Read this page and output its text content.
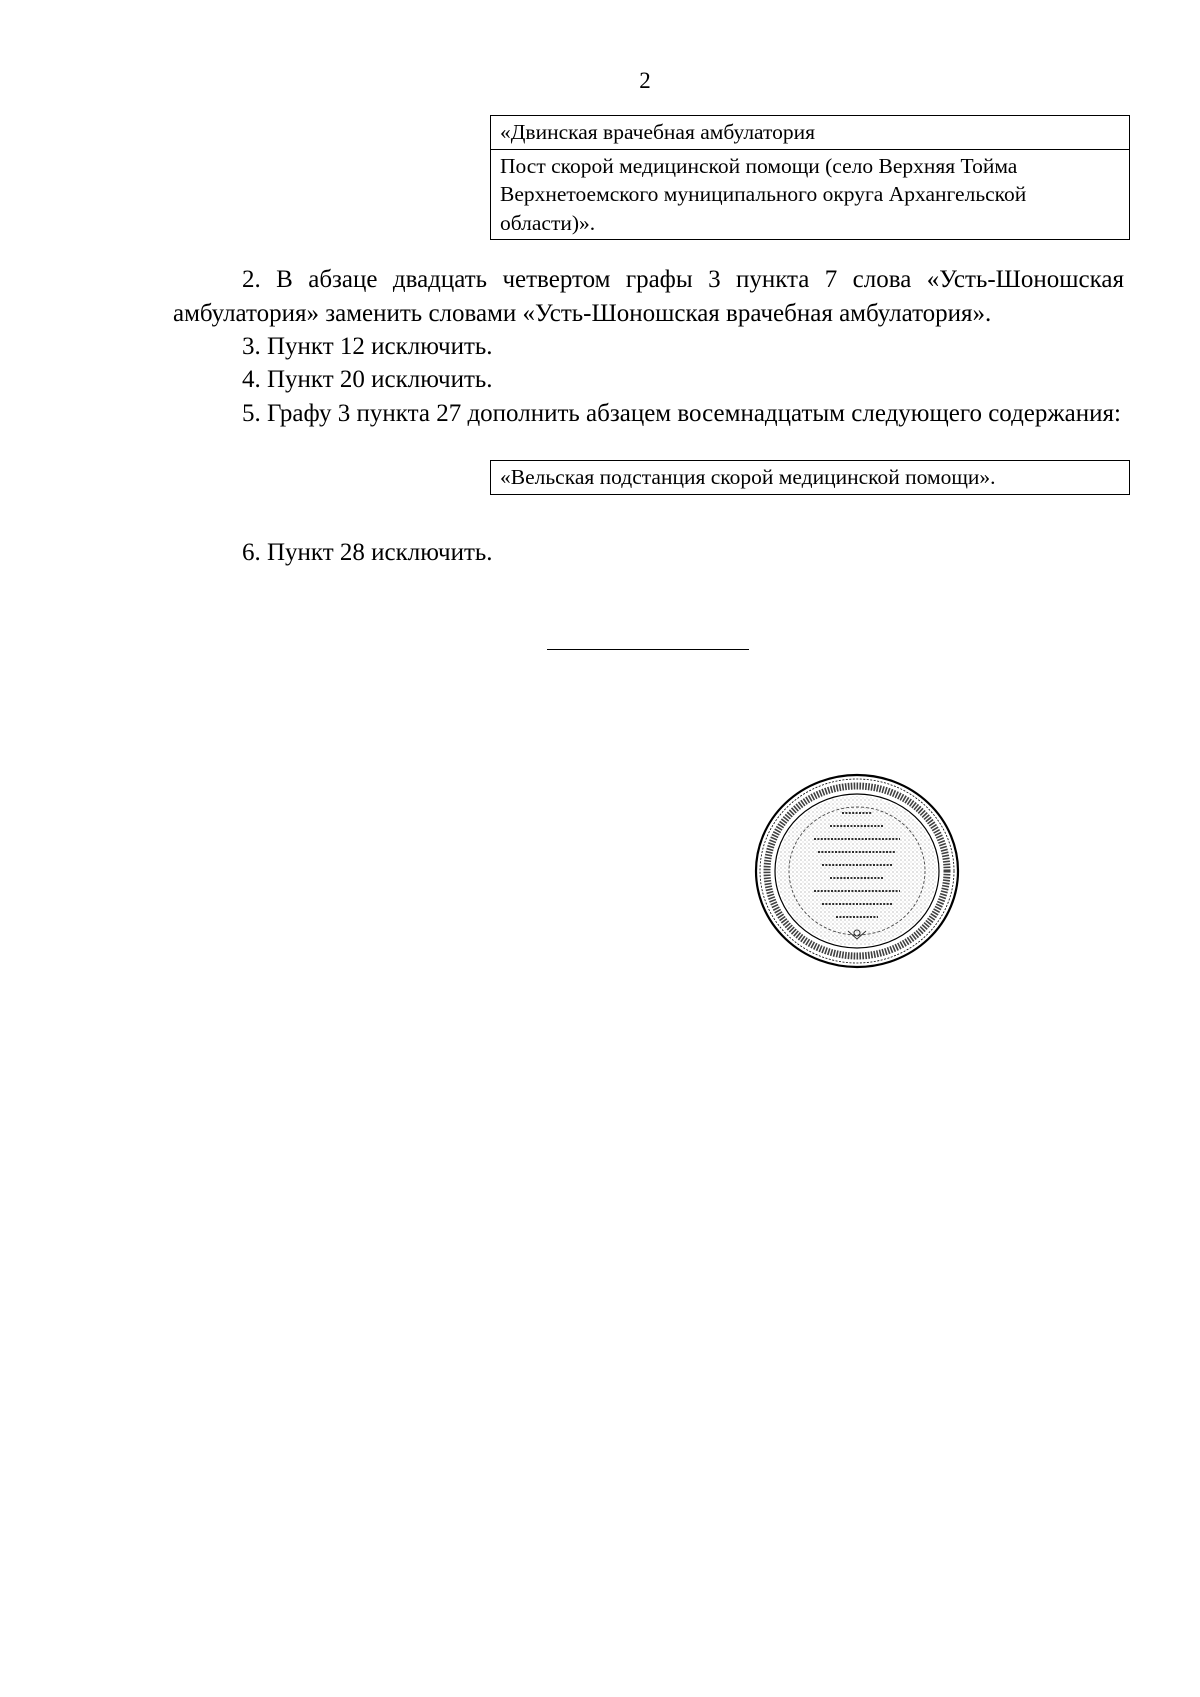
2
«Двинская врачебная амбулатория
Пост скорой медицинской помощи (село Верхняя Тойма Верхнетоемского муниципального округа Архангельской области)».

2. В абзаце двадцать четвертом графы 3 пункта 7 слова «Усть-Шоношская амбулатория» заменить словами «Усть-Шоношская врачебная амбулатория».

3. Пункт 12 исключить.

4. Пункт 20 исключить.

5. Графу 3 пункта 27 дополнить абзацем восемнадцатым следующего содержания:

«Вельская подстанция скорой медицинской помощи».

6. Пункт 28 исключить.
